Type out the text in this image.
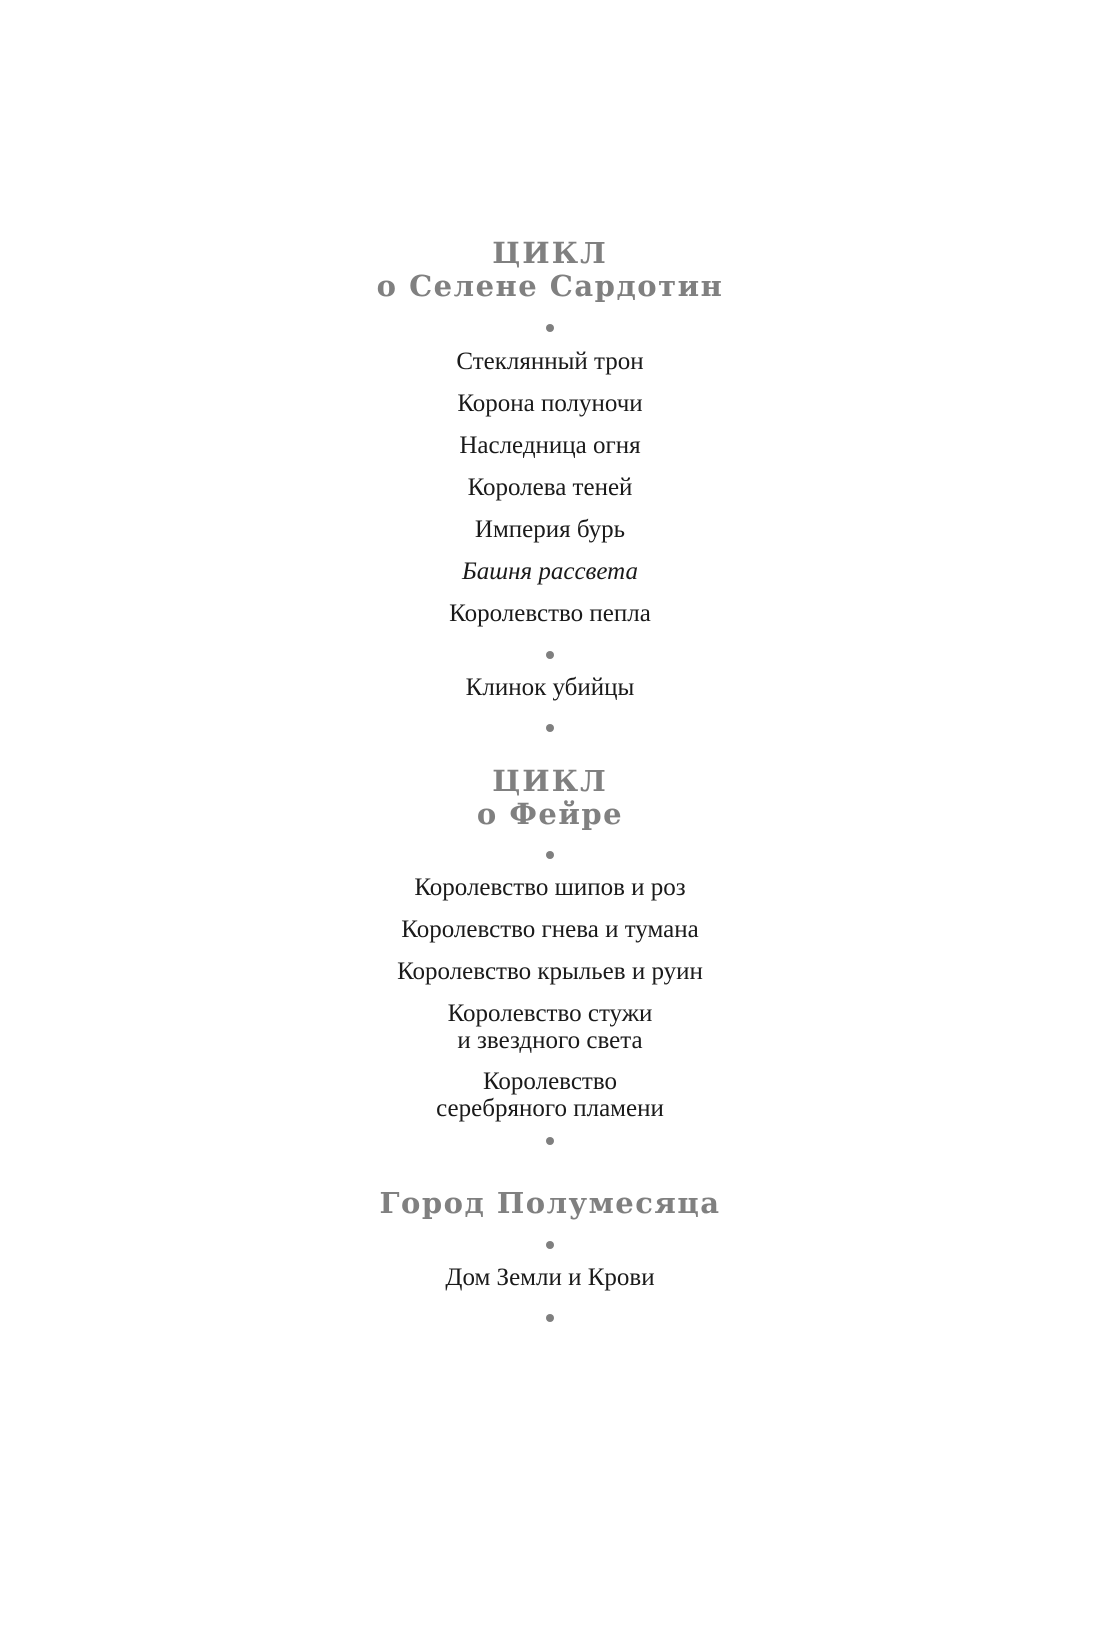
ЦИКЛ
о Селене Сардотин
Стеклянный трон
Корона полуночи
Наследница огня
Королева теней
Империя бурь
Башня рассвета
Королевство пепла
Клинок убийцы
ЦИКЛ
о Фейре
Королевство шипов и роз
Королевство гнева и тумана
Королевство крыльев и руин
Королевство стужи
и звездного света
Королевство
серебряного пламени
Город Полумесяца
Дом Земли и Крови
